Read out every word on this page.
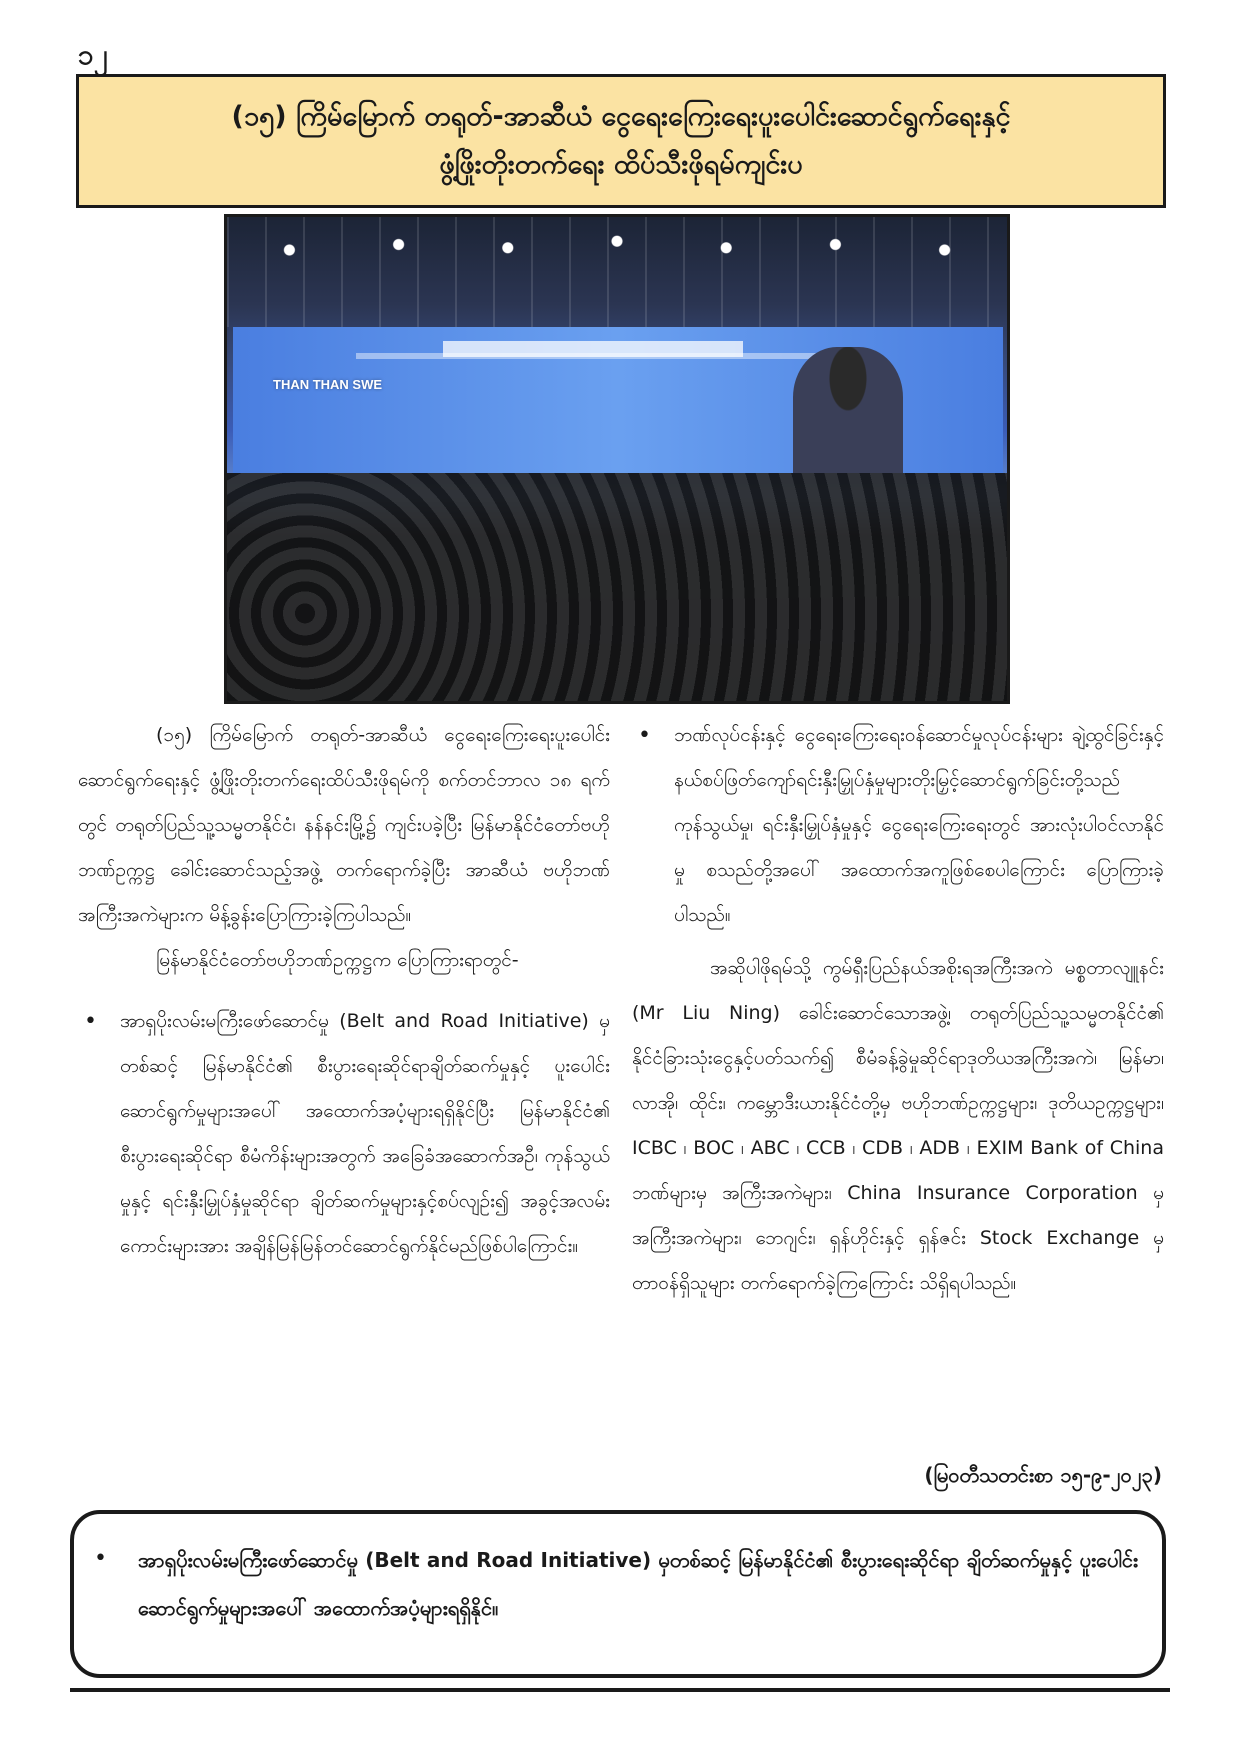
၁၂
(၁၅) ကြိမ်မြောက် တရုတ်-အာဆီယံ ငွေရေးကြေးရေးပူးပေါင်းဆောင်ရွက်ရေးနှင့်
ဖွံ့ဖြိုးတိုးတက်ရေး ထိပ်သီးဖိုရမ်ကျင်းပ
THAN THAN SWE

(၁၅) ကြိမ်မြောက် တရုတ်-အာဆီယံ ငွေရေးကြေးရေးပူးပေါင်းဆောင်ရွက်ရေးနှင့် ဖွံ့ဖြိုးတိုးတက်ရေးထိပ်သီးဖိုရမ်ကို စက်တင်ဘာလ ၁၈ ရက်တွင် တရုတ်ပြည်သူ့သမ္မတနိုင်ငံ၊ နန်နင်းမြို့၌ ကျင်းပခဲ့ပြီး မြန်မာနိုင်ငံတော်ဗဟိုဘဏ်ဥက္ကဋ္ဌ ခေါင်းဆောင်သည့်အဖွဲ့ တက်ရောက်ခဲ့ပြီး အာဆီယံ ဗဟိုဘဏ်အကြီးအကဲများက မိန့်ခွန်းပြောကြားခဲ့ကြပါသည်။

မြန်မာနိုင်ငံတော်ဗဟိုဘဏ်ဥက္ကဋ္ဌက ပြောကြားရာတွင်-

• အာရှပိုးလမ်းမကြီးဖော်ဆောင်မှု (Belt and Road Initiative) မှတစ်ဆင့် မြန်မာနိုင်ငံ၏ စီးပွားရေးဆိုင်ရာချိတ်ဆက်မှုနှင့် ပူးပေါင်းဆောင်ရွက်မှုများအပေါ် အထောက်အပံ့များရရှိနိုင်ပြီး မြန်မာနိုင်ငံ၏ စီးပွားရေးဆိုင်ရာ စီမံကိန်းများအတွက် အခြေခံအဆောက်အဦ၊ ကုန်သွယ်မှုနှင့် ရင်းနှီးမြှုပ်နှံမှုဆိုင်ရာ ချိတ်ဆက်မှုများနှင့်စပ်လျဉ်း၍ အခွင့်အလမ်းကောင်းများအား အချိန်မြန်မြန်တင်ဆောင်ရွက်နိုင်မည်ဖြစ်ပါကြောင်း။

• ဘဏ်လုပ်ငန်းနှင့် ငွေရေးကြေးရေးဝန်ဆောင်မှုလုပ်ငန်းများ ချဲ့ထွင်ခြင်းနှင့် နယ်စပ်ဖြတ်ကျော်ရင်းနှီးမြှုပ်နှံမှုများတိုးမြှင့်ဆောင်ရွက်ခြင်းတို့သည် ကုန်သွယ်မှု၊ ရင်းနှီးမြှုပ်နှံမှုနှင့် ငွေရေးကြေးရေးတွင် အားလုံးပါဝင်လာနိုင်မှု စသည်တို့အပေါ် အထောက်အကူဖြစ်စေပါကြောင်း ပြောကြားခဲ့ပါသည်။

အဆိုပါဖိုရမ်သို့ ကွမ်ရှီးပြည်နယ်အစိုးရအကြီးအကဲ မစ္စတာလျူနင်း (Mr Liu Ning) ခေါင်းဆောင်သောအဖွဲ့၊ တရုတ်ပြည်သူ့သမ္မတနိုင်ငံ၏ နိုင်ငံခြားသုံးငွေနှင့်ပတ်သက်၍ စီမံခန့်ခွဲမှုဆိုင်ရာဒုတိယအကြီးအကဲ၊ မြန်မာ၊ လာအို၊ ထိုင်း၊ ကမ္ဘောဒီးယားနိုင်ငံတို့မှ ဗဟိုဘဏ်ဥက္ကဋ္ဌများ၊ ဒုတိယဥက္ကဋ္ဌများ၊ ICBC ၊ BOC ၊ ABC ၊ CCB ၊ CDB ၊ ADB ၊ EXIM Bank of China ဘဏ်များမှ အကြီးအကဲများ၊ China Insurance Corporation မှ အကြီးအကဲများ၊ ဘေဂျင်း၊ ရှန်ဟိုင်းနှင့် ရှန်ဇင်း Stock Exchange မှ တာဝန်ရှိသူများ တက်ရောက်ခဲ့ကြကြောင်း သိရှိရပါသည်။

(မြဝတီသတင်းစာ ၁၅-၉-၂၀၂၃)
• အာရှပိုးလမ်းမကြီးဖော်ဆောင်မှု (Belt and Road Initiative) မှတစ်ဆင့် မြန်မာနိုင်ငံ၏ စီးပွားရေးဆိုင်ရာ ချိတ်ဆက်မှုနှင့် ပူးပေါင်းဆောင်ရွက်မှုများအပေါ် အထောက်အပံ့များရရှိနိုင်။
